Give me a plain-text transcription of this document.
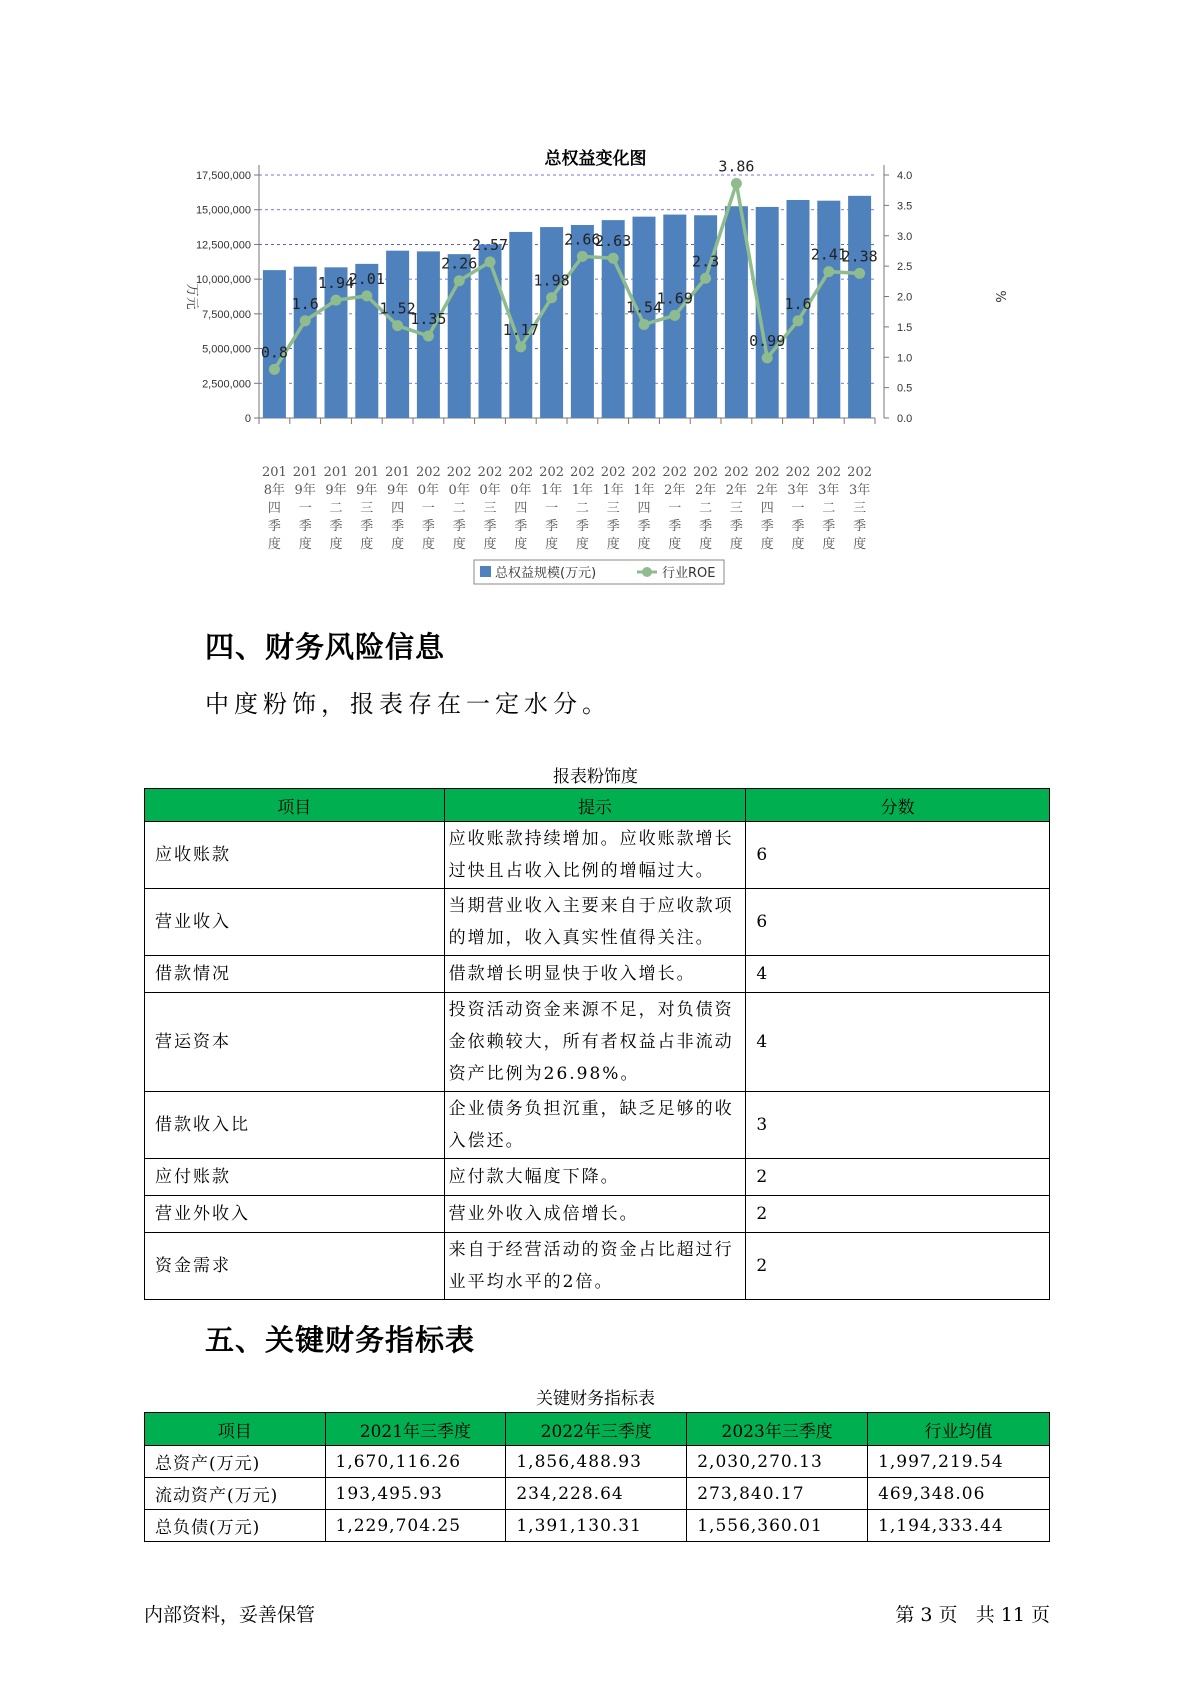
总权益变化图
0
2,500,000
5,000,000
7,500,000
10,000,000
12,500,000
15,000,000
17,500,000
0.0
0.5
1.0
1.5
2.0
2.5
3.0
3.5
4.0
万元	%
201
8年
四
季
度
201
9年
一
季
度
201
9年
二
季
度
201
9年
三
季
度
201
9年
四
季
度
202
0年
一
季
度
202
0年
二
季
度
202
0年
三
季
度
202
0年
四
季
度
202
1年
一
季
度
202
1年
二
季
度
202
1年
三
季
度
202
1年
四
季
度
202
2年
一
季
度
202
2年
二
季
度
202
2年
三
季
度
202
2年
四
季
度
202
3年
一
季
度
202
3年
二
季
度
202
3年
三
季
度
0.8
1.6
1.94
2.01
1.52
1.35
2.26
2.57
1.17
1.98
2.66
2.63
1.54
1.69
2.3
3.86
0.99
1.6
2.41
2.38
总权益规模(万元)	行业ROE
四、财务风险信息

中度粉饰，报表存在一定水分。

报表粉饰度
项目	提示	分数
应收账款	应收账款持续增加。应收账款增长过快且占收入比例的增幅过大。	6
营业收入	当期营业收入主要来自于应收款项的增加，收入真实性值得关注。	6
借款情况	借款增长明显快于收入增长。	4
营运资本	投资活动资金来源不足，对负债资金依赖较大，所有者权益占非流动资产比例为26.98%。	4
借款收入比	企业债务负担沉重，缺乏足够的收入偿还。	3
应付账款	应付款大幅度下降。	2
营业外收入	营业外收入成倍增长。	2
资金需求	来自于经营活动的资金占比超过行业平均水平的2倍。	2
五、关键财务指标表
关键财务指标表
项目	2021年三季度	2022年三季度	2023年三季度	行业均值
总资产(万元)	1,670,116.26	1,856,488.93	2,030,270.13	1,997,219.54
流动资产(万元)	193,495.93	234,228.64	273,840.17	469,348.06
总负债(万元)	1,229,704.25	1,391,130.31	1,556,360.01	1,194,333.44
内部资料，妥善保管	第 3 页 共 11 页
